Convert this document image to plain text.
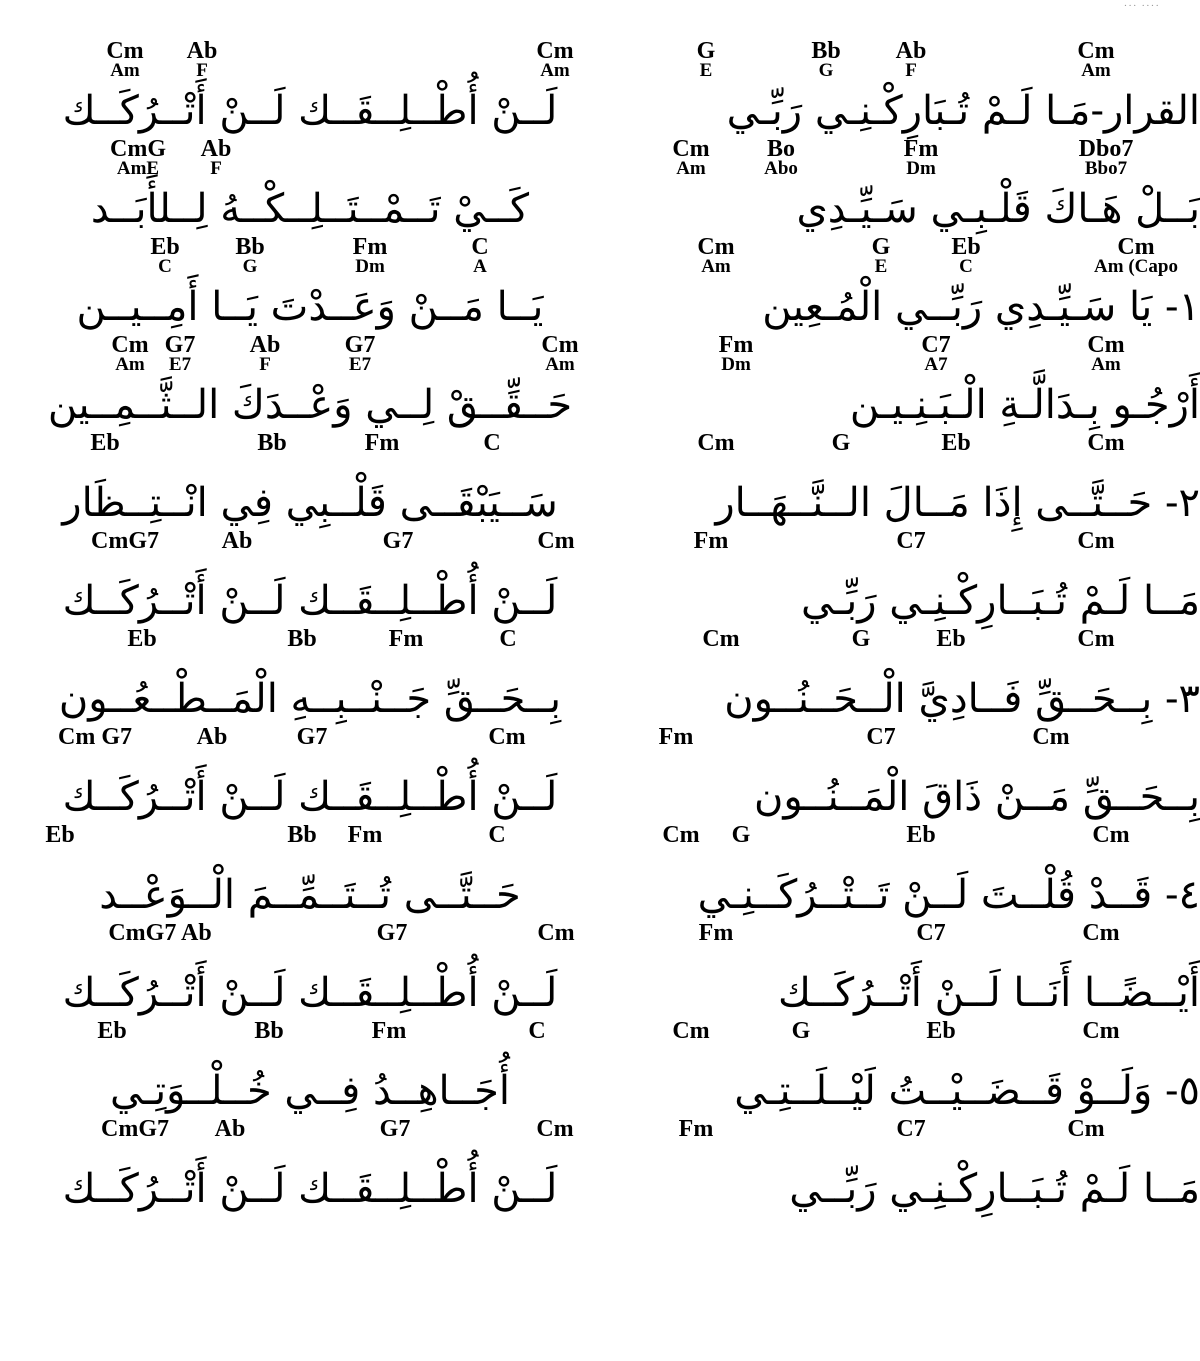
··· ····
G
E
Bb
G
Ab
F
Cm
Am
القرار-مَـا لَـمْ تُـبَارِكْـنِـي رَبِّـي
Cm
Am
Bo
Abo
Fm
Dm
Dbo7
Bbo7
بَــلْ هَـاكَ قَلْـبِـي سَـيِّـدِي
Cm
Am
G
E
Eb
C
Cm
Am (Capo
١- يَا سَـيِّـدِي رَبِّــي الْمُـعِين
Fm
Dm
C7
A7
Cm
Am
أَرْجُـو بِـدَالَّـةِ الْـبَـنِـيـن
Cm	G	Eb	Cm
٢- حَــتَّــى إِذَا مَــالَ الــنَّــهَــار
Fm	C7	Cm
مَــا لَـمْ تُـبَــارِكْـنِـي رَبِّـي
Cm	G	Eb	Cm
٣- بِــحَــقِّ فَــادِيَّ الْــحَــنُــون
Fm	C7	Cm
بِــحَــقِّ مَــنْ ذَاقَ الْمَــنُــون
Cm G	Eb	Cm
٤- قَــدْ قُلْــتَ لَــنْ تَــتْــرُكَــنِـي
Fm	C7	Cm
أَيْــضًــا أَنَــا لَــنْ أَتْــرُكَــك
Cm	G	Eb	Cm
٥- وَلَــوْ قَــضَــيْــتُ لَيْــلَــتِـي
Fm	C7	Cm
مَــا لَـمْ تُـبَــارِكْـنِـي رَبِّــي
Cm
Am
Ab
F
Cm
Am
لَــنْ أُطْــلِــقَــك لَــنْ أَتْــرُكَــك
CmG
AmE
Ab
F
كَــيْ تَــمْــتَــلِــكْــهُ لِــلأَبَــد
Eb
C
Bb
G
Fm
Dm
C
A
يَــا مَــنْ وَعَــدْتَ يَــا أَمِــيــن
Cm
Am
G7
E7
Ab
F
G7
E7
Cm
Am
حَــقِّــقْ لِــي وَعْــدَكَ الــثَّــمِــين
Eb	Bb	Fm	C
سَــيَبْقَــى قَلْــبِي فِي انْــتِــظَار
CmG7	Ab	G7	Cm
لَــنْ أُطْــلِــقَــك لَــنْ أَتْــرُكَــك
Eb	Bb	Fm	C
بِــحَــقِّ جَــنْــبِــهِ الْمَــطْــعُــون
Cm G7	Ab	G7	Cm
لَــنْ أُطْــلِــقَــك لَــنْ أَتْــرُكَــك
Eb	Bb Fm	C
حَــتَّــى تُــتَــمِّــمَ الْــوَعْــد
CmG7 Ab	G7	Cm
لَــنْ أُطْــلِــقَــك لَــنْ أَتْــرُكَــك
Eb	Bb	Fm	C
أُجَــاهِــدُ فِــي خُــلْــوَتِـي
CmG7 Ab	G7	Cm
لَــنْ أُطْــلِــقَــك لَــنْ أَتْــرُكَــك
